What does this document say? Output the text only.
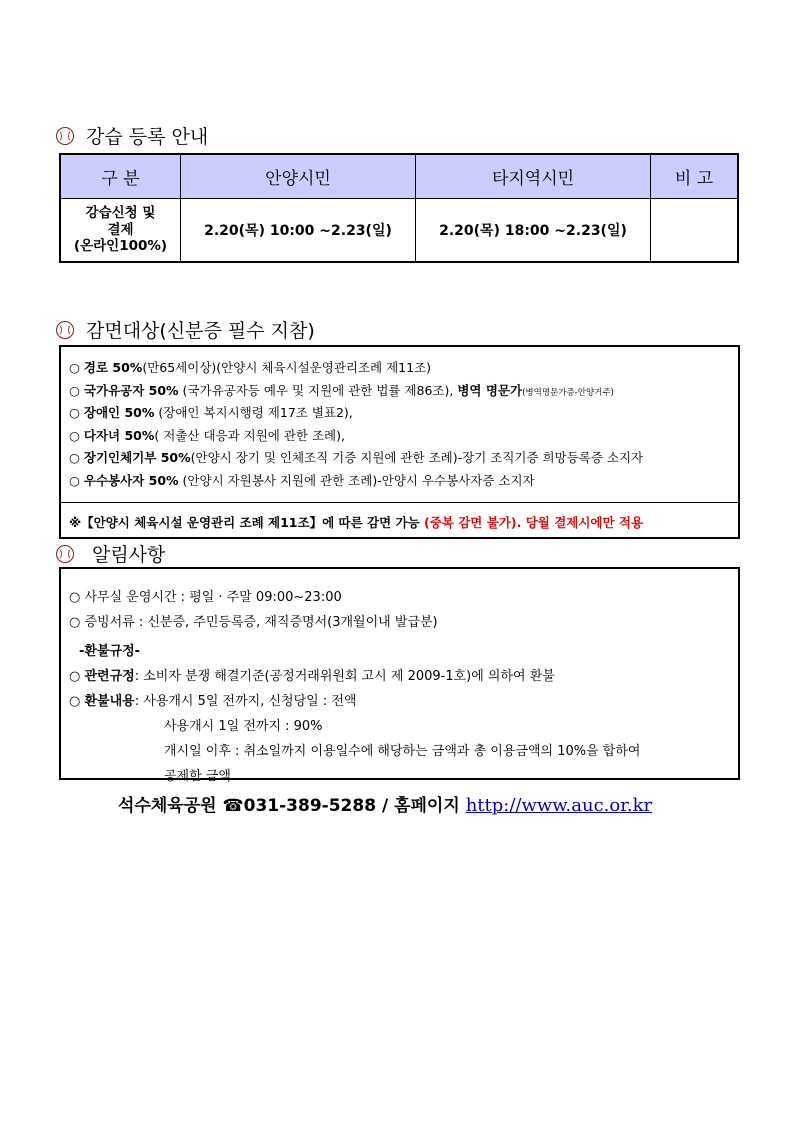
강습 등록 안내
구 분	안양시민	타지역시민	비 고

강습신청 및
결제
(온라인100%)	2.20(목) 10:00 ~2.23(일)	2.20(목) 18:00 ~2.23(일)	
감면대상(신분증 필수 지참)
○ 경로 50%(만65세이상)(안양시 체육시설운영관리조례 제11조)
○ 국가유공자 50% (국가유공자등 예우 및 지원에 관한 법률 제86조), 병역 명문가(병역명문가증-안양거주)
○ 장애인 50% (장애인 복지시행령 제17조 별표2),
○ 다자녀 50%( 저출산 대응과 지원에 관한 조례),
○ 장기인체기부 50%(안양시 장기 및 인체조직 기증 지원에 관한 조례)-장기 조직기증 희망등록증 소지자
○ 우수봉사자 50% (안양시 자원봉사 지원에 관한 조례)-안양시 우수봉사자증 소지자
※【안양시 체육시설 운영관리 조례 제11조】에 따른 감면 가능 (중복 감면 불가). 당월 결제시에만 적용
알림사항
○ 사무실 운영시간 : 평일 · 주말 09:00~23:00
○ 증빙서류 : 신분증, 주민등록증, 재직증명서(3개월이내 발급분)
-환불규정-
○ 관련규정: 소비자 분쟁 해결기준(공정거래위원회 고시 제 2009-1호)에 의하여 환불
○ 환불내용: 사용개시 5일 전까지, 신청당일 : 전액
사용개시 1일 전까지 : 90%
개시일 이후 : 취소일까지 이용일수에 해당하는 금액과 총 이용금액의 10%을 합하여
공제한 금액
석수체육공원 ☎031-389-5288 / 홈페이지 http://www.auc.or.kr
